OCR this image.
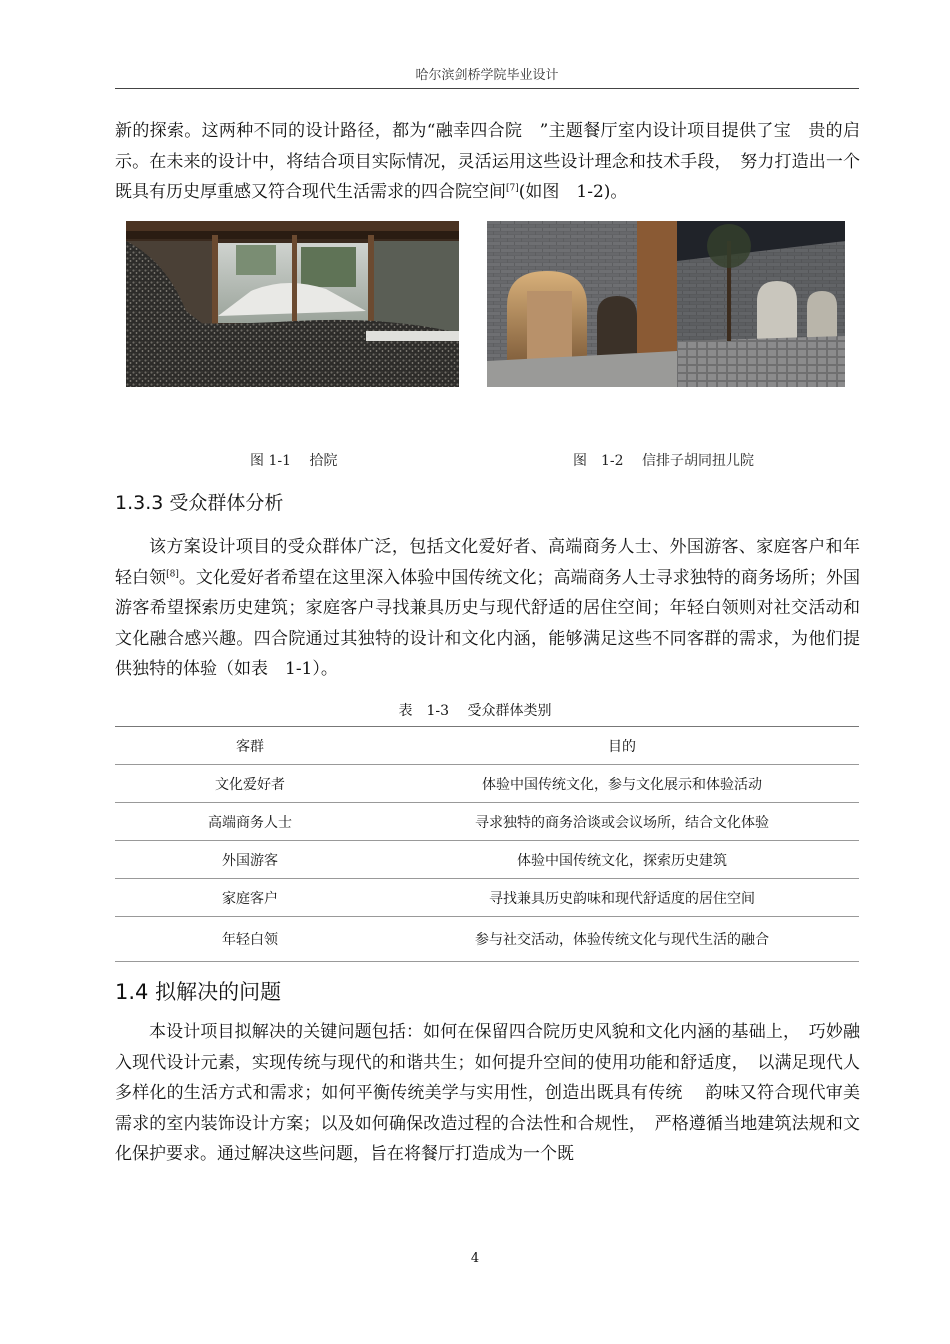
哈尔滨剑桥学院毕业设计

新的探索。这两种不同的设计路径，都为“融幸四合院　”主题餐厅室内设计项目提供了宝　贵的启示。在未来的设计中，将结合项目实际情况，灵活运用这些设计理念和技术手段，　努力打造出一个既具有历史厚重感又符合现代生活需求的四合院空间[7](如图　1-2)。

图 1-1　 拾院	图　1-2　 信排子胡同扭儿院
1.3.3 受众群体分析

该方案设计项目的受众群体广泛，包括文化爱好者、高端商务人士、外国游客、家庭客户和年轻白领[8]。文化爱好者希望在这里深入体验中国传统文化；高端商务人士寻求独特的商务场所；外国游客希望探索历史建筑；家庭客户寻找兼具历史与现代舒适的居住空间；年轻白领则对社交活动和文化融合感兴趣。四合院通过其独特的设计和文化内涵，能够满足这些不同客群的需求，为他们提供独特的体验（如表　1-1）。

表　1-3　 受众群体类别
客群	目的
文化爱好者	体验中国传统文化，参与文化展示和体验活动
高端商务人士	寻求独特的商务洽谈或会议场所，结合文化体验
外国游客	体验中国传统文化，探索历史建筑
家庭客户	寻找兼具历史韵味和现代舒适度的居住空间
年轻白领	参与社交活动，体验传统文化与现代生活的融合
1.4 拟解决的问题

本设计项目拟解决的关键问题包括：如何在保留四合院历史风貌和文化内涵的基础上，　巧妙融入现代设计元素，实现传统与现代的和谐共生；如何提升空间的使用功能和舒适度，　以满足现代人多样化的生活方式和需求；如何平衡传统美学与实用性，创造出既具有传统　 韵味又符合现代审美需求的室内装饰设计方案；以及如何确保改造过程的合法性和合规性，　严格遵循当地建筑法规和文化保护要求。通过解决这些问题，旨在将餐厅打造成为一个既

4
